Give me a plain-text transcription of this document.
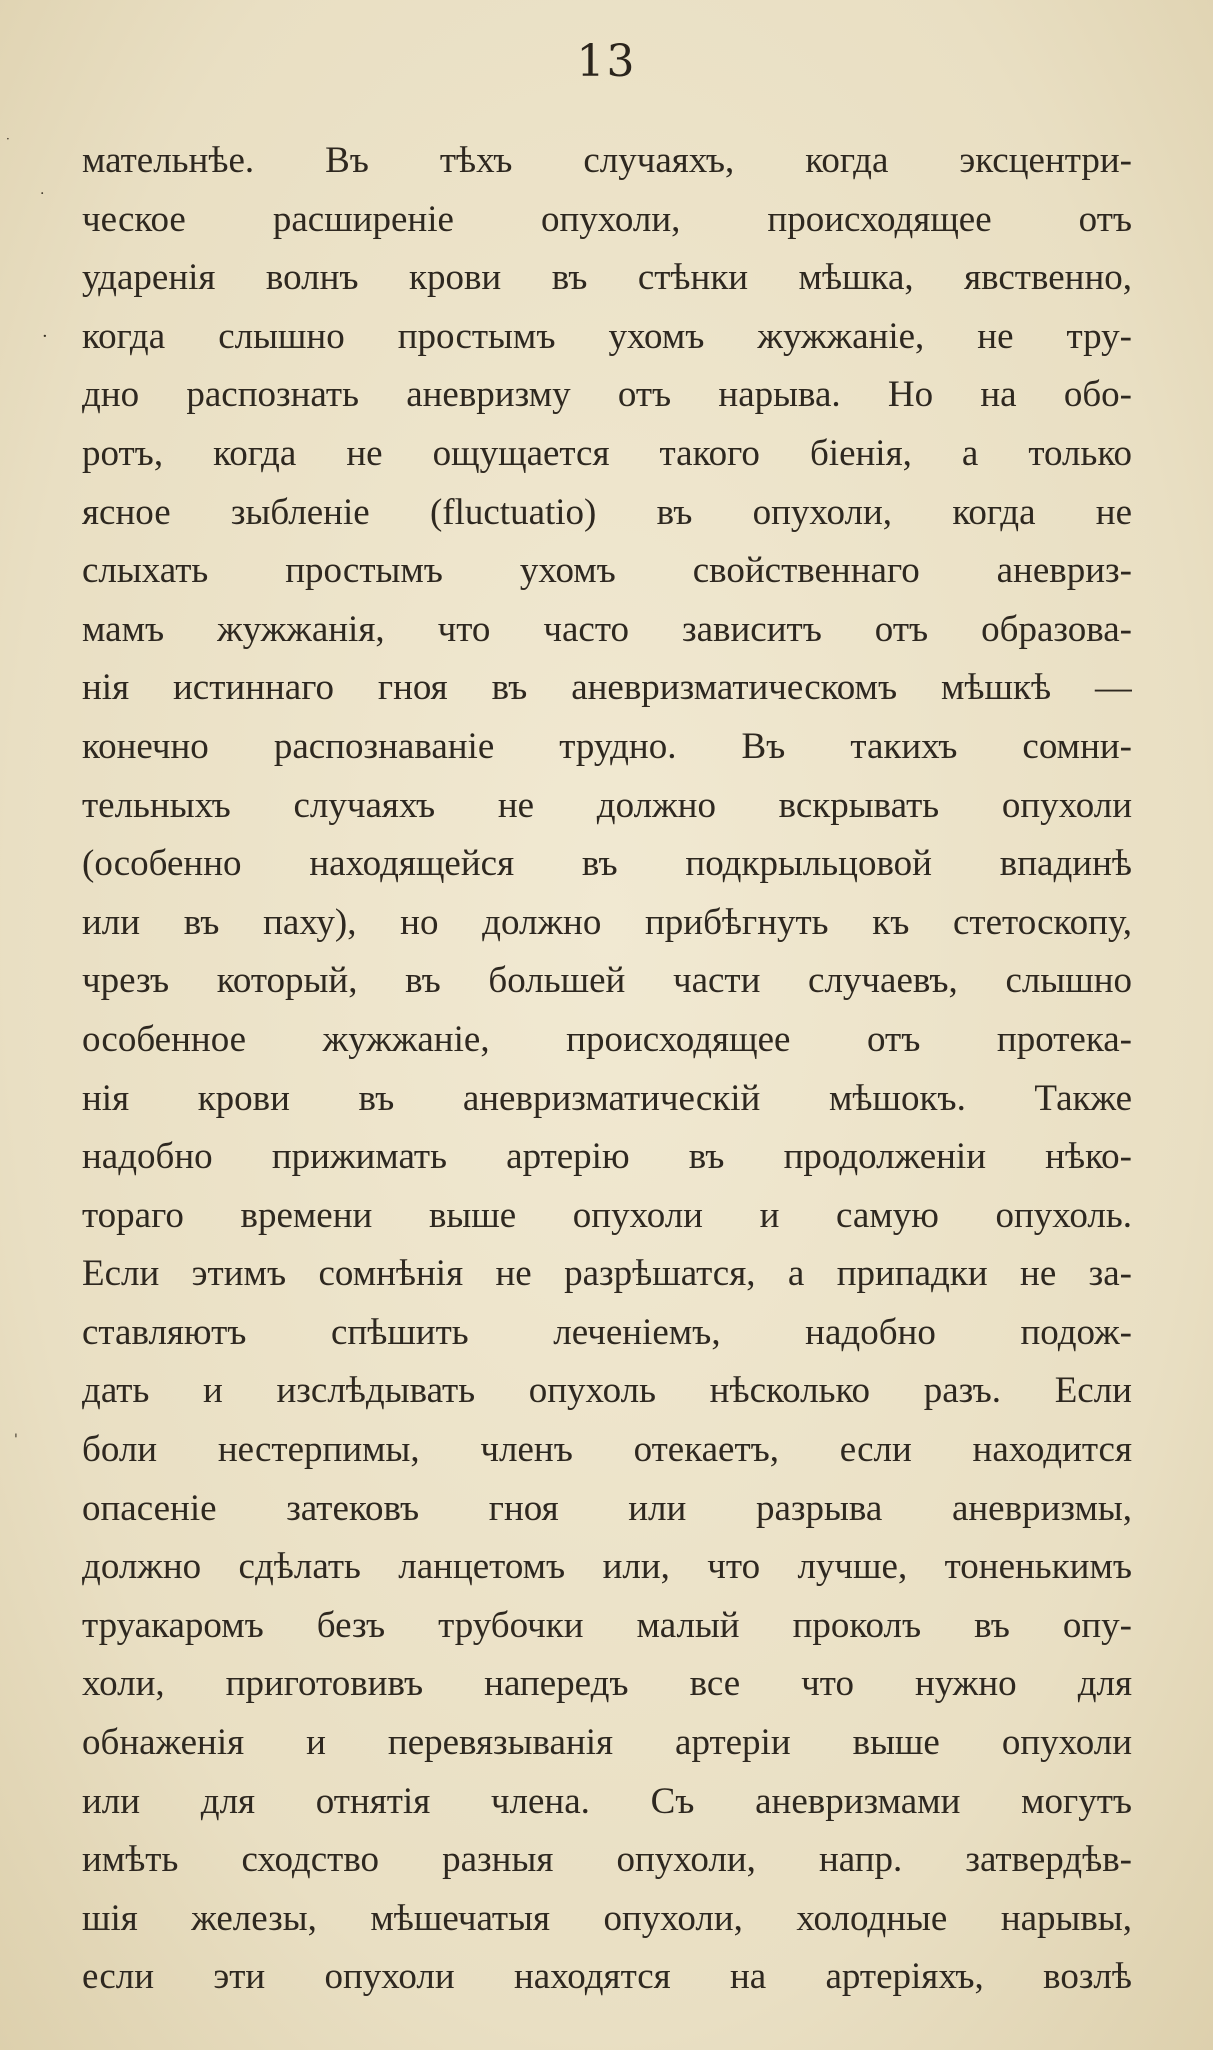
13
·
·
·
'
мательнѣе. Въ тѣхъ случаяхъ, когда эксцентри-
ческое расширеніе опухоли, происходящее отъ
ударенія волнъ крови въ стѣнки мѣшка, явственно,
когда слышно простымъ ухомъ жужжаніе, не тру-
дно распознать аневризму отъ нарыва. Но на обо-
ротъ, когда не ощущается такого біенія, а только
ясное зыбленіе (fluctuatio) въ опухоли, когда не
слыхать простымъ ухомъ свойственнаго аневриз-
мамъ жужжанія, что часто зависитъ отъ образова-
нія истиннаго гноя въ аневризматическомъ мѣшкѣ —
конечно распознаваніе трудно. Въ такихъ сомни-
тельныхъ случаяхъ не должно вскрывать опухоли
(особенно находящейся въ подкрыльцовой впадинѣ
или въ паху), но должно прибѣгнуть къ стетоскопу,
чрезъ который, въ большей части случаевъ, слышно
особенное жужжаніе, происходящее отъ протека-
нія крови въ аневризматическій мѣшокъ. Также
надобно прижимать артерію въ продолженіи нѣко-
тораго времени выше опухоли и самую опухоль.
Если этимъ сомнѣнія не разрѣшатся, а припадки не за-
ставляютъ спѣшить леченіемъ, надобно подож-
дать и изслѣдывать опухоль нѣсколько разъ. Если
боли нестерпимы, членъ отекаетъ, если находится
опасеніе затековъ гноя или разрыва аневризмы,
должно сдѣлать ланцетомъ или, что лучше, тоненькимъ
труакаромъ безъ трубочки малый проколъ въ опу-
холи, приготовивъ напередъ все что нужно для
обнаженія и перевязыванія артеріи выше опухоли
или для отнятія члена. Съ аневризмами могутъ
имѣть сходство разныя опухоли, напр. затвердѣв-
шія железы, мѣшечатыя опухоли, холодные нарывы,
если эти опухоли находятся на артеріяхъ, возлѣ
